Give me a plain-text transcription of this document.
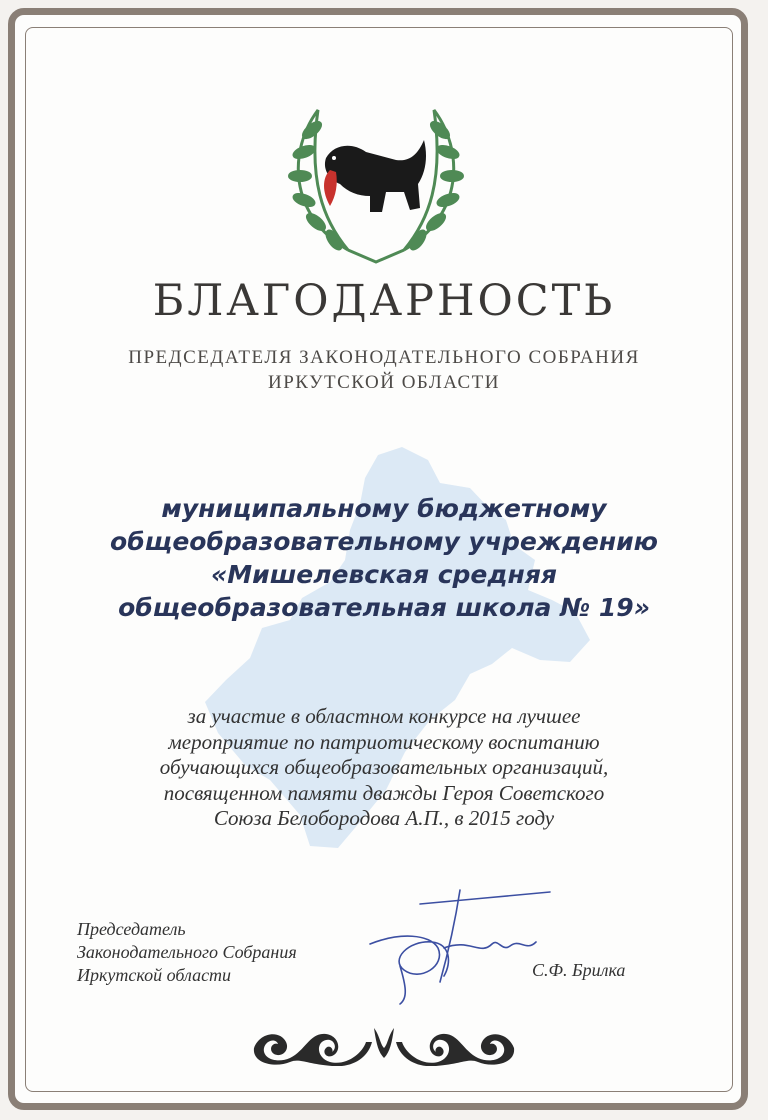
БЛАГОДАРНОСТЬ
ПРЕДСЕДАТЕЛЯ ЗАКОНОДАТЕЛЬНОГО СОБРАНИЯ
ИРКУТСКОЙ ОБЛАСТИ
муниципальному бюджетному
общеобразовательному учреждению
«Мишелевская средняя
общеобразовательная школа № 19»
за участие в областном конкурсе на лучшее
мероприятие по патриотическому воспитанию
обучающихся общеобразовательных организаций,
посвященном памяти дважды Героя Советского
Союза Белобородова А.П., в 2015 году
Председатель
Законодательного Собрания
Иркутской области	С.Ф. Брилка
